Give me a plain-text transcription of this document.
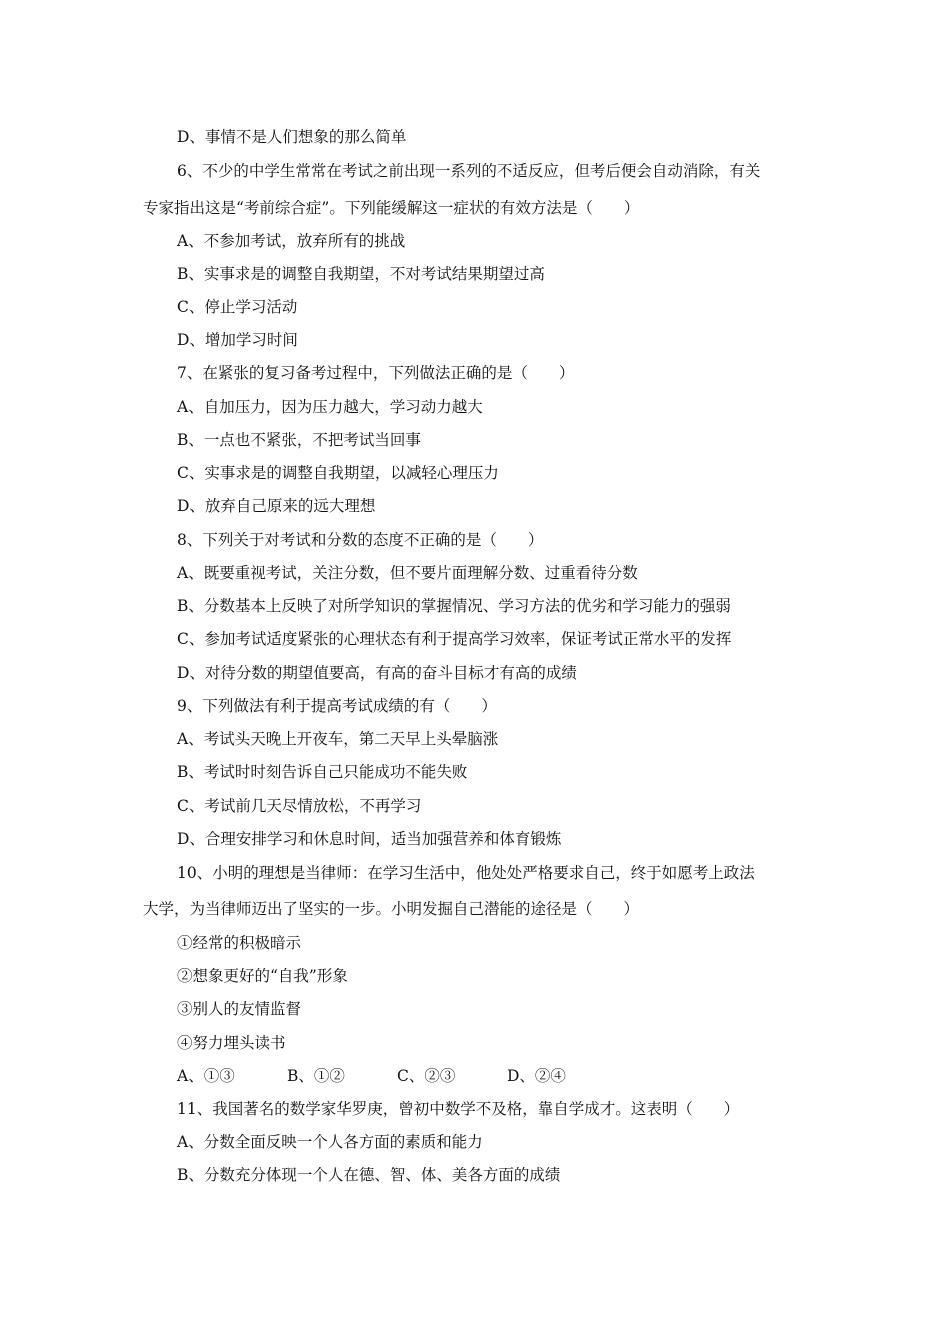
D、事情不是人们想象的那么简单
6、不少的中学生常常在考试之前出现一系列的不适反应，但考后便会自动消除，有关
专家指出这是“考前综合症”。下列能缓解这一症状的有效方法是（　　）
A、不参加考试，放弃所有的挑战
B、实事求是的调整自我期望，不对考试结果期望过高
C、停止学习活动
D、增加学习时间
7、在紧张的复习备考过程中，下列做法正确的是（　　）
A、自加压力，因为压力越大，学习动力越大
B、一点也不紧张，不把考试当回事
C、实事求是的调整自我期望，以减轻心理压力
D、放弃自己原来的远大理想
8、下列关于对考试和分数的态度不正确的是（　　）
A、既要重视考试，关注分数，但不要片面理解分数、过重看待分数
B、分数基本上反映了对所学知识的掌握情况、学习方法的优劣和学习能力的强弱
C、参加考试适度紧张的心理状态有利于提高学习效率，保证考试正常水平的发挥
D、对待分数的期望值要高，有高的奋斗目标才有高的成绩
9、下列做法有利于提高考试成绩的有（　　）
A、考试头天晚上开夜车，第二天早上头晕脑涨
B、考试时时刻告诉自己只能成功不能失败
C、考试前几天尽情放松，不再学习
D、合理安排学习和休息时间，适当加强营养和体育锻炼
10、小明的理想是当律师：在学习生活中，他处处严格要求自己，终于如愿考上政法
大学，为当律师迈出了坚实的一步。小明发掘自己潜能的途径是（　　）
①经常的积极暗示
②想象更好的“自我”形象
③别人的友情监督
④努力埋头读书
A、①③	B、①②	C、②③	D、②④
11、我国著名的数学家华罗庚，曾初中数学不及格，靠自学成才。这表明（　　）
A、分数全面反映一个人各方面的素质和能力
B、分数充分体现一个人在德、智、体、美各方面的成绩
